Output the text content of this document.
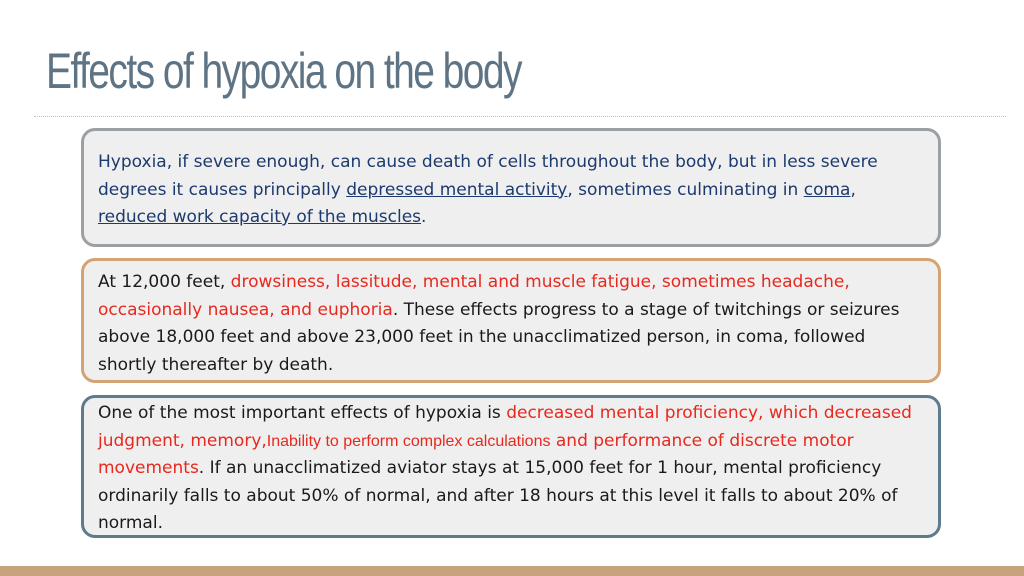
Effects of hypoxia on the body
Hypoxia, if severe enough, can cause death of cells throughout the body, but in less severe degrees it causes principally depressed mental activity, sometimes culminating in coma, reduced work capacity of the muscles.
At 12,000 feet, drowsiness, lassitude, mental and muscle fatigue, sometimes headache, occasionally nausea, and euphoria. These effects progress to a stage of twitchings or seizures above 18,000 feet and above 23,000 feet in the unacclimatized person, in coma, followed shortly thereafter by death.
One of the most important effects of hypoxia is decreased mental proficiency, which decreased judgment, memory,Inability to perform complex calculations and performance of discrete motor movements. If an unacclimatized aviator stays at 15,000 feet for 1 hour, mental proficiency ordinarily falls to about 50% of normal, and after 18 hours at this level it falls to about 20% of normal.
